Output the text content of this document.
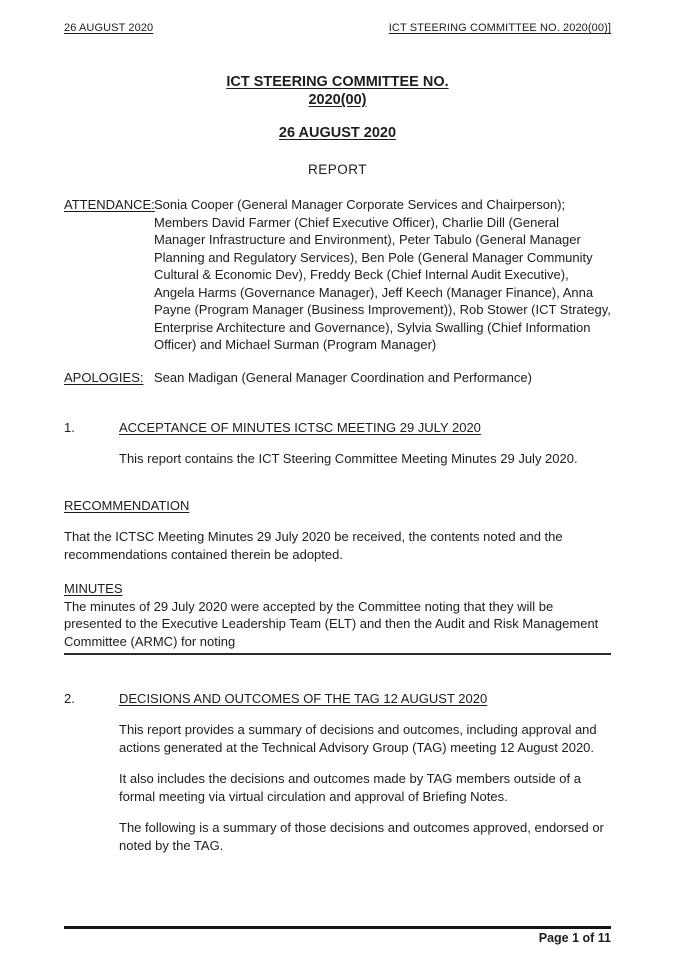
26 AUGUST 2020	ICT STEERING COMMITTEE NO. 2020(00)]
ICT STEERING COMMITTEE NO.
2020(00)
26 AUGUST 2020
REPORT
ATTENDANCE: Sonia Cooper (General Manager Corporate Services and Chairperson); Members David Farmer (Chief Executive Officer), Charlie Dill (General Manager Infrastructure and Environment), Peter Tabulo (General Manager Planning and Regulatory Services), Ben Pole (General Manager Community Cultural & Economic Dev), Freddy Beck (Chief Internal Audit Executive), Angela Harms (Governance Manager), Jeff Keech (Manager Finance), Anna Payne (Program Manager (Business Improvement)), Rob Stower (ICT Strategy, Enterprise Architecture and Governance), Sylvia Swalling (Chief Information Officer) and Michael Surman (Program Manager)
APOLOGIES: Sean Madigan (General Manager Coordination and Performance)
1.	ACCEPTANCE OF MINUTES ICTSC MEETING 29 JULY 2020
This report contains the ICT Steering Committee Meeting Minutes 29 July 2020.
RECOMMENDATION
That the ICTSC Meeting Minutes 29 July 2020 be received, the contents noted and the recommendations contained therein be adopted.
MINUTES
The minutes of 29 July 2020 were accepted by the Committee noting that they will be presented to the Executive Leadership Team (ELT) and then the Audit and Risk Management Committee (ARMC) for noting
2.	DECISIONS AND OUTCOMES OF THE TAG 12 AUGUST 2020
This report provides a summary of decisions and outcomes, including approval and actions generated at the Technical Advisory Group (TAG) meeting 12 August 2020.
It also includes the decisions and outcomes made by TAG members outside of a formal meeting via virtual circulation and approval of Briefing Notes.
The following is a summary of those decisions and outcomes approved, endorsed or noted by the TAG.
Page 1 of 11
